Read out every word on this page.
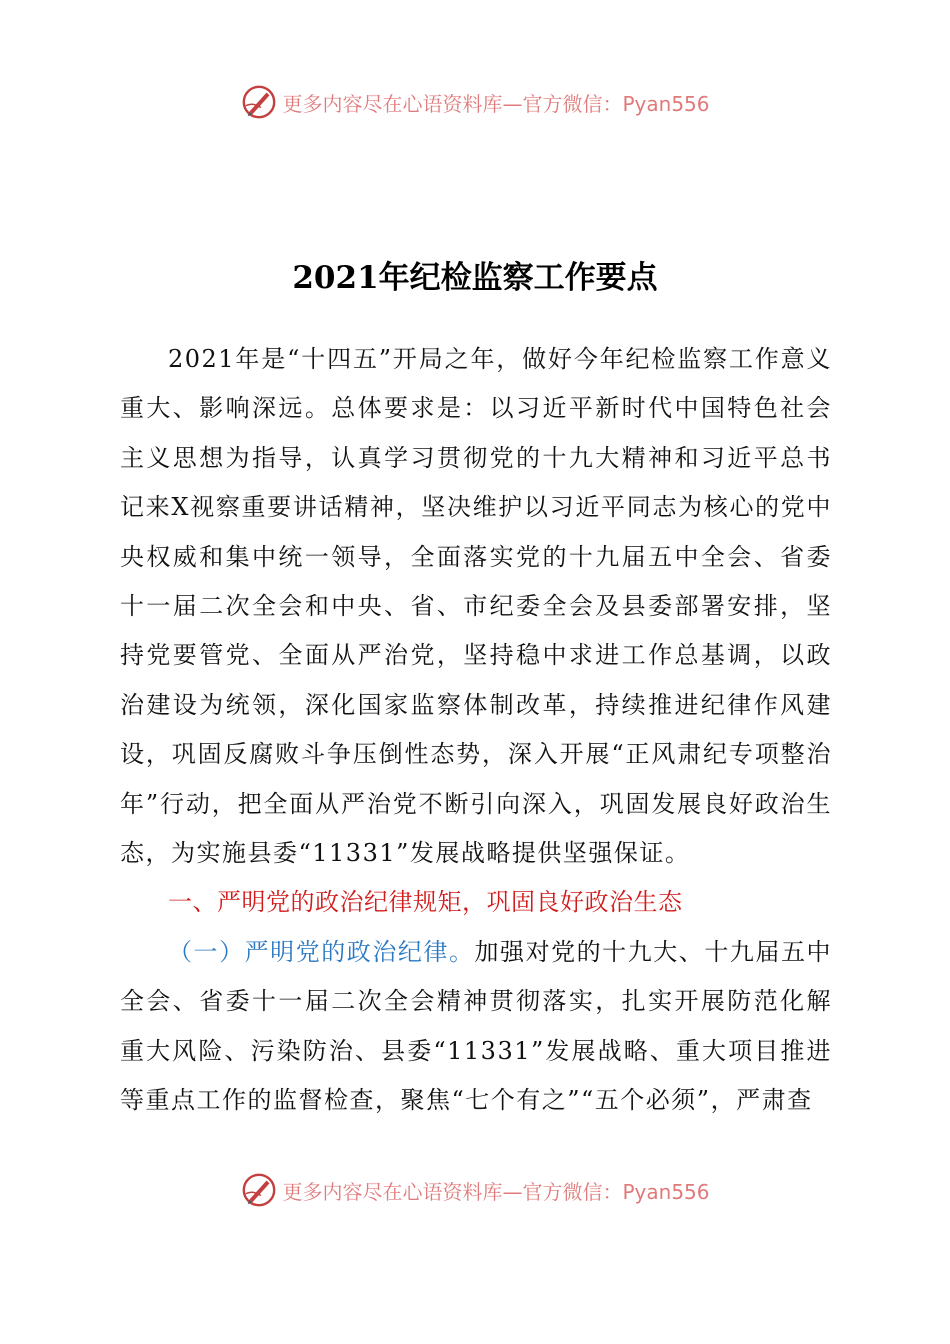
更多内容尽在心语资料库—官方微信：Pyan556
2021年纪检监察工作要点

2021年是“十四五”开局之年，做好今年纪检监察工作意义重大、影响深远。总体要求是：以习近平新时代中国特色社会主义思想为指导，认真学习贯彻党的十九大精神和习近平总书记来X视察重要讲话精神，坚决维护以习近平同志为核心的党中央权威和集中统一领导，全面落实党的十九届五中全会、省委十一届二次全会和中央、省、市纪委全会及县委部署安排，坚持党要管党、全面从严治党，坚持稳中求进工作总基调，以政治建设为统领，深化国家监察体制改革，持续推进纪律作风建设，巩固反腐败斗争压倒性态势，深入开展“正风肃纪专项整治年”行动，把全面从严治党不断引向深入，巩固发展良好政治生态，为实施县委“11331”发展战略提供坚强保证。

一、严明党的政治纪律规矩，巩固良好政治生态

（一）严明党的政治纪律。加强对党的十九大、十九届五中全会、省委十一届二次全会精神贯彻落实，扎实开展防范化解重大风险、污染防治、县委“11331”发展战略、重大项目推进等重点工作的监督检查，聚焦“七个有之”“五个必须”，严肃查

更多内容尽在心语资料库—官方微信：Pyan556
